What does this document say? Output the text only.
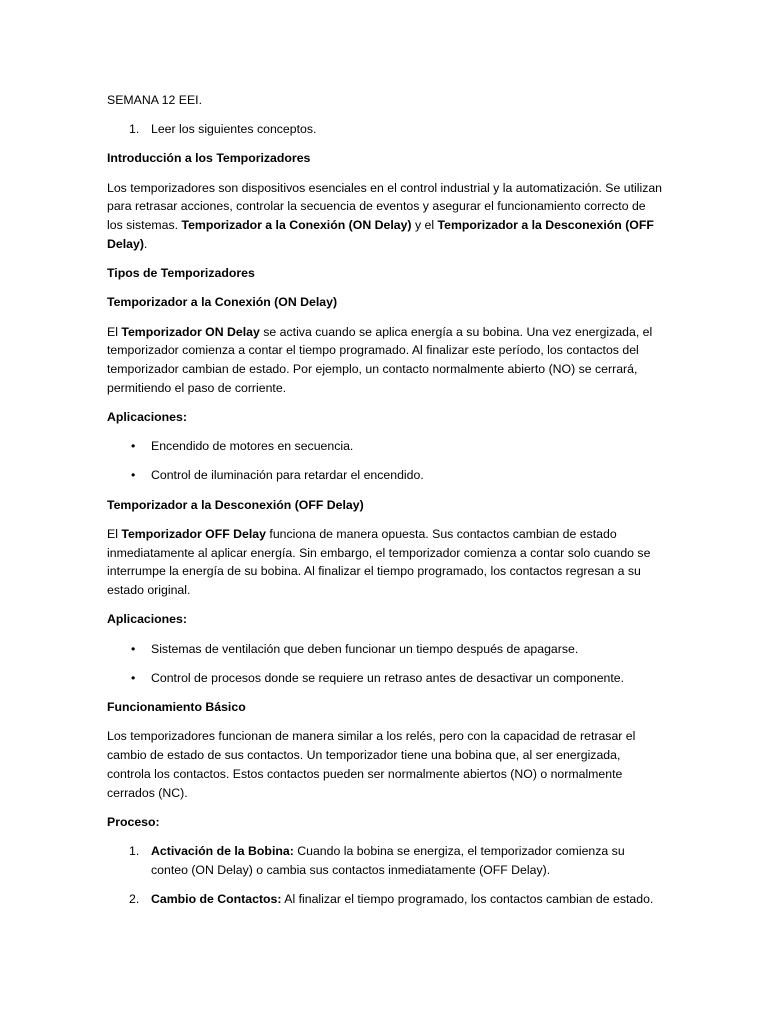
SEMANA 12 EEI.

1. Leer los siguientes conceptos.

Introducción a los Temporizadores

Los temporizadores son dispositivos esenciales en el control industrial y la automatización. Se utilizan para retrasar acciones, controlar la secuencia de eventos y asegurar el funcionamiento correcto de los sistemas. Temporizador a la Conexión (ON Delay) y el Temporizador a la Desconexión (OFF Delay).

Tipos de Temporizadores

Temporizador a la Conexión (ON Delay)

El Temporizador ON Delay se activa cuando se aplica energía a su bobina. Una vez energizada, el temporizador comienza a contar el tiempo programado. Al finalizar este período, los contactos del temporizador cambian de estado. Por ejemplo, un contacto normalmente abierto (NO) se cerrará, permitiendo el paso de corriente.

Aplicaciones:

• Encendido de motores en secuencia.
• Control de iluminación para retardar el encendido.

Temporizador a la Desconexión (OFF Delay)

El Temporizador OFF Delay funciona de manera opuesta. Sus contactos cambian de estado inmediatamente al aplicar energía. Sin embargo, el temporizador comienza a contar solo cuando se interrumpe la energía de su bobina. Al finalizar el tiempo programado, los contactos regresan a su estado original.

Aplicaciones:

• Sistemas de ventilación que deben funcionar un tiempo después de apagarse.
• Control de procesos donde se requiere un retraso antes de desactivar un componente.

Funcionamiento Básico

Los temporizadores funcionan de manera similar a los relés, pero con la capacidad de retrasar el cambio de estado de sus contactos. Un temporizador tiene una bobina que, al ser energizada, controla los contactos. Estos contactos pueden ser normalmente abiertos (NO) o normalmente cerrados (NC).

Proceso:

1. Activación de la Bobina: Cuando la bobina se energiza, el temporizador comienza su conteo (ON Delay) o cambia sus contactos inmediatamente (OFF Delay).
2. Cambio de Contactos: Al finalizar el tiempo programado, los contactos cambian de estado.
